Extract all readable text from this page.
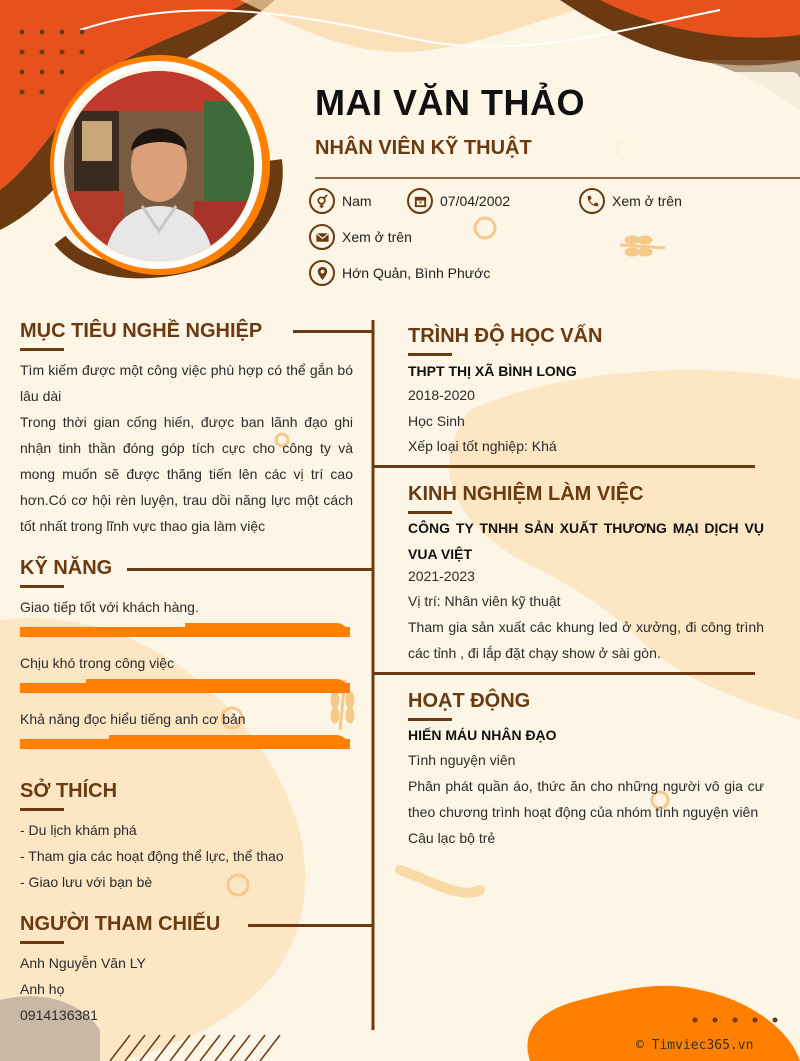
MAI VĂN THẢO
NHÂN VIÊN KỸ THUẬT
Nam	07/04/2002	Xem ở trên
Xem ở trên
Hớn Quản, Bình Phước
MỤC TIÊU NGHỀ NGHIỆP
Tìm kiếm được một công việc phù hợp có thể gắn bó lâu dài
Trong thời gian cống hiến, được ban lãnh đạo ghi nhận tinh thần đóng góp tích cực cho công ty và mong muốn sẽ được thăng tiến lên các vị trí cao hơn.Có cơ hội rèn luyện, trau dồi năng lực một cách tốt nhất trong lĩnh vực thao gia làm việc
KỸ NĂNG
Giao tiếp tốt với khách hàng.
Chịu khó trong công việc
Khả năng đọc hiểu tiếng anh cơ bản
SỞ THÍCH
- Du lịch khám phá
- Tham gia các hoạt động thể lực, thể thao
- Giao lưu với bạn bè
NGƯỜI THAM CHIẾU
Anh Nguyễn Văn LY
Anh họ
0914136381
TRÌNH ĐỘ HỌC VẤN
THPT THỊ XÃ BÌNH LONG
2018-2020
Học Sinh
Xếp loại tốt nghiệp: Khá
KINH NGHIỆM LÀM VIỆC
CÔNG TY TNHH SẢN XUẤT THƯƠNG MẠI DỊCH VỤ VUA VIỆT
2021-2023
Vị trí: Nhân viên kỹ thuật
Tham gia sản xuất các khung led ở xưởng, đi công trình các tỉnh , đi lắp đặt chạy show ở sài gòn.
HOẠT ĐỘNG
HIẾN MÁU NHÂN ĐẠO
Tình nguyện viên
Phân phát quần áo, thức ăn cho những người vô gia cư theo chương trình hoạt động của nhóm tình nguyện viên
Câu lạc bộ trẻ
© Timviec365.vn
